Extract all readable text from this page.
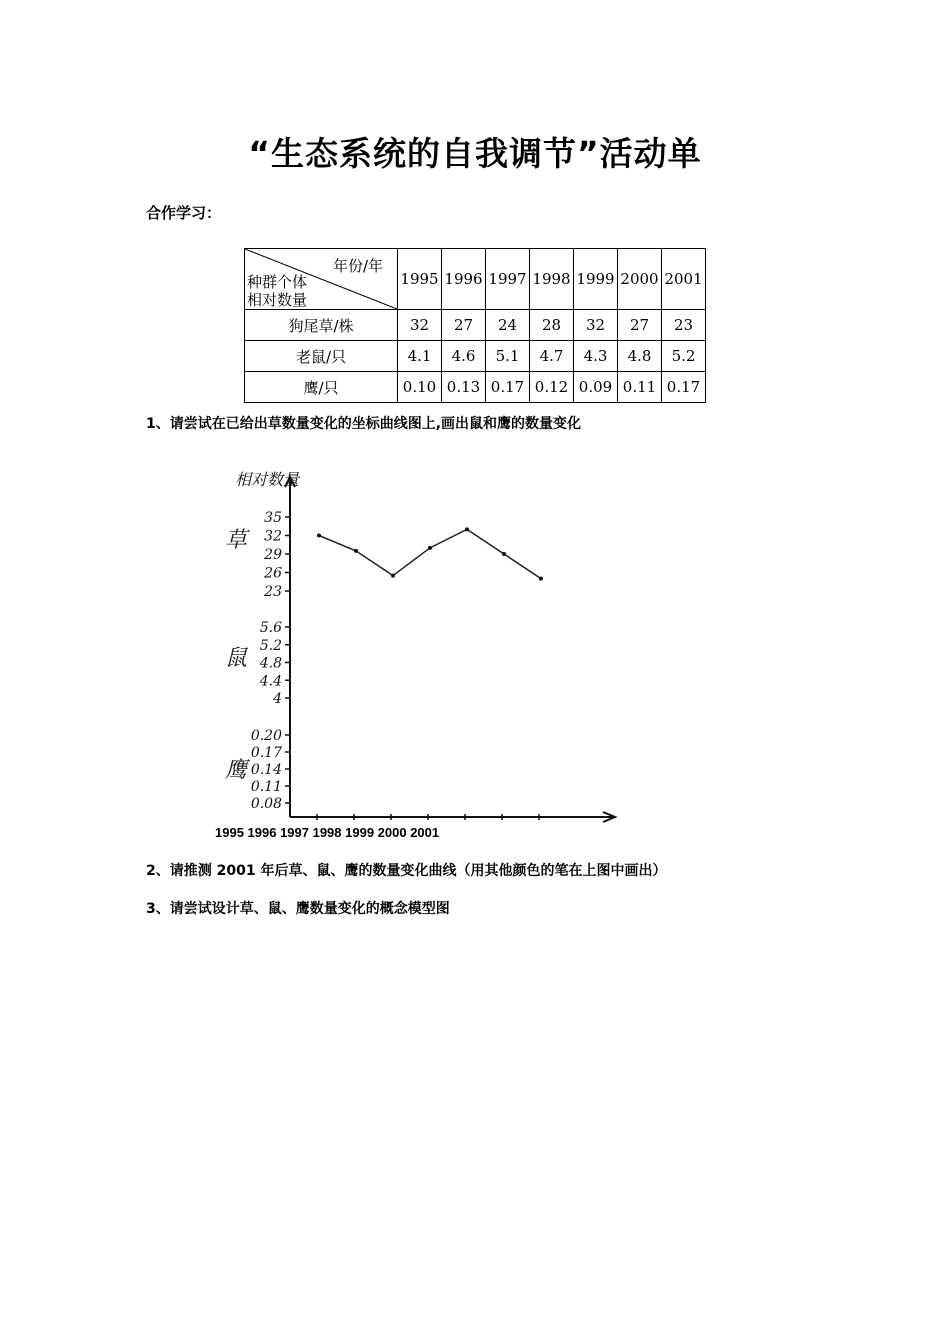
“生态系统的自我调节”活动单
合作学习：
年份/年
种群个体
相对数量	1995	1996	1997	1998	1999	2000	2001
狗尾草/株	32	27	24	28	32	27	23
老鼠/只	4.1	4.6	5.1	4.7	4.3	4.8	5.2
鹰/只	0.10	0.13	0.17	0.12	0.09	0.11	0.17
1、请尝试在已给出草数量变化的坐标曲线图上,画出鼠和鹰的数量变化
相对数量
1995 1996 1997 1998 1999 2000 2001
草
35
32
29
26
23
鼠
5.6
5.2
4.8
4.4
4
鹰
0.20
0.17
0.14
0.11
0.08
2、请推测 2001 年后草、鼠、鹰的数量变化曲线（用其他颜色的笔在上图中画出）
3、请尝试设计草、鼠、鹰数量变化的概念模型图
